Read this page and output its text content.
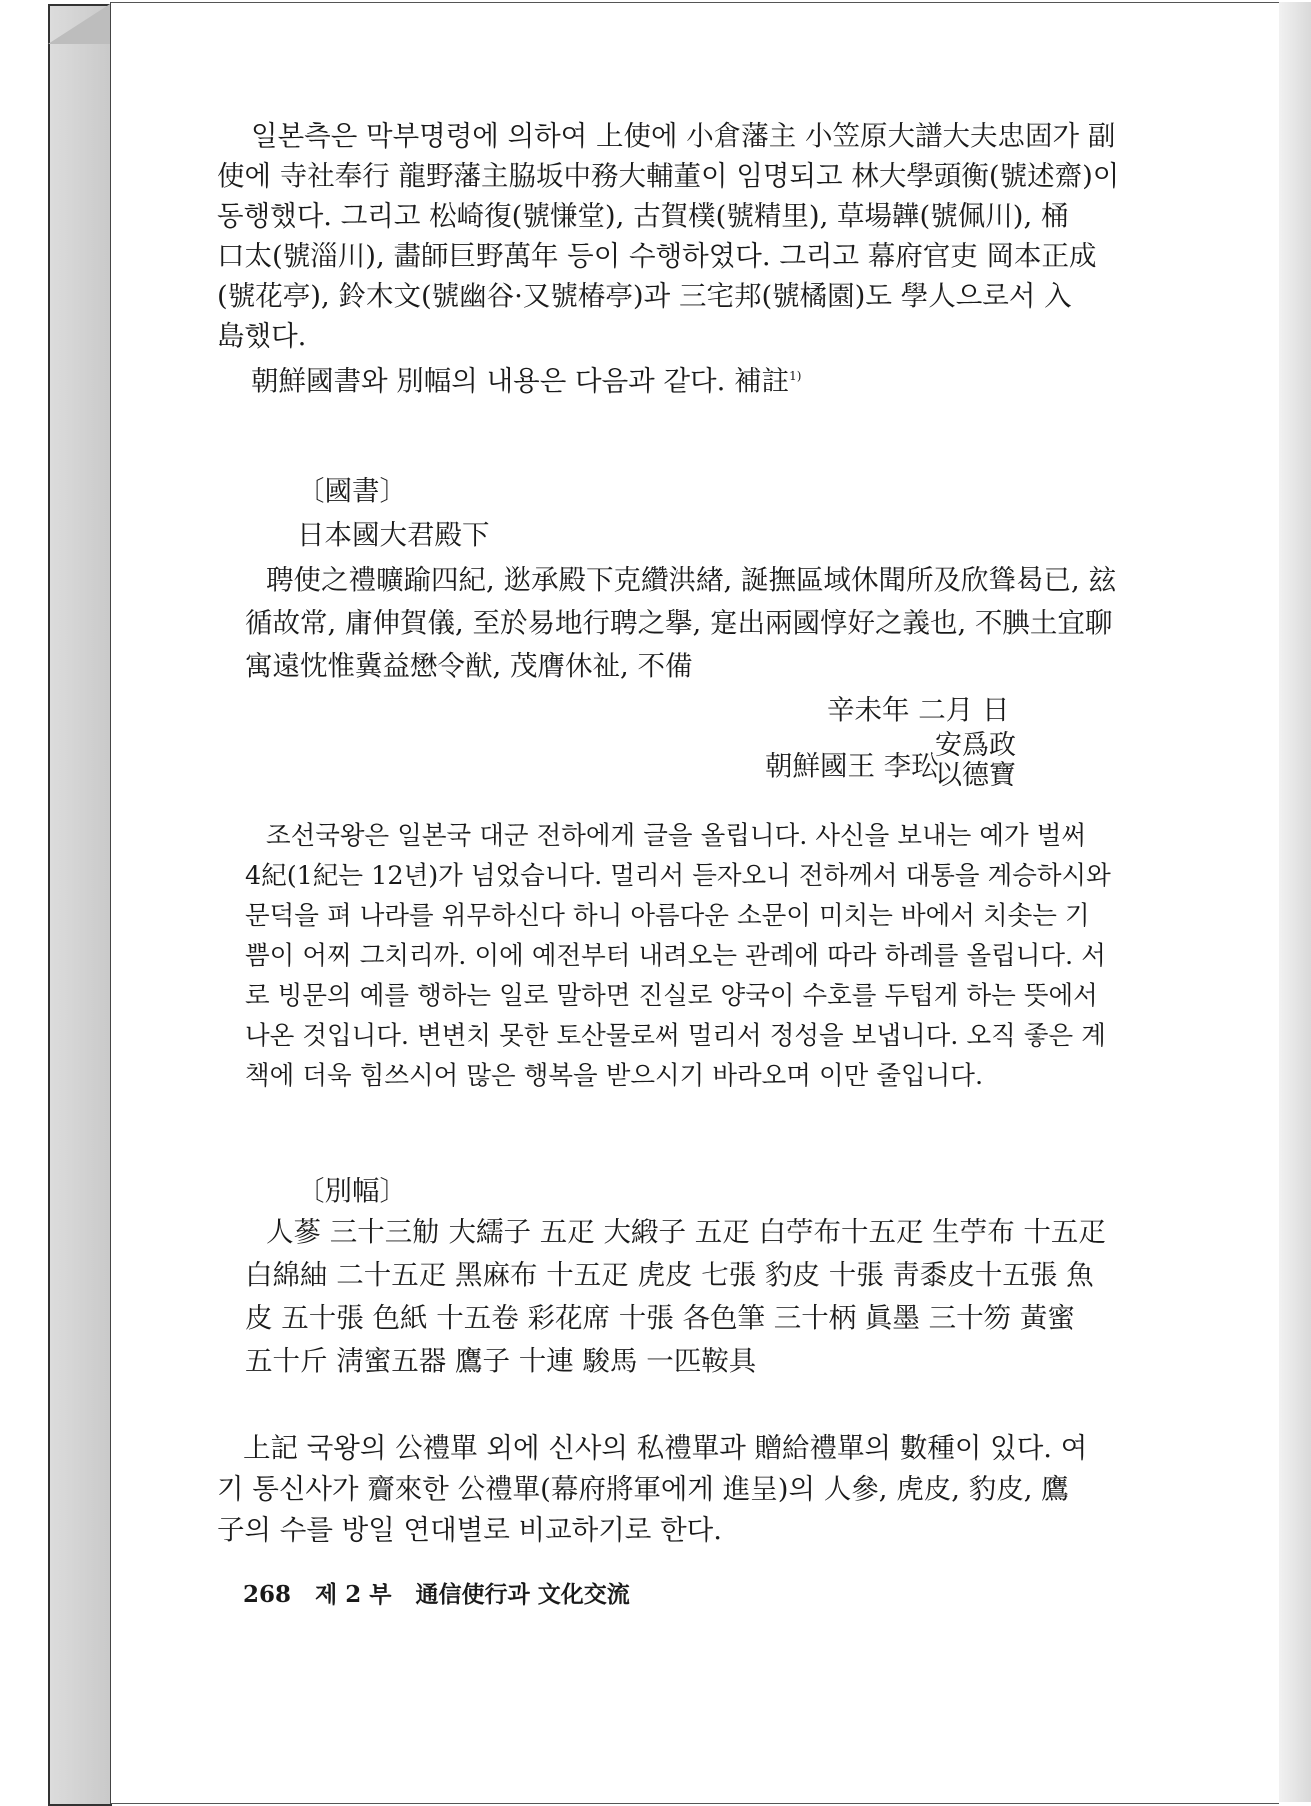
일본측은 막부명령에 의하여 上使에 小倉藩主 小笠原大譜大夫忠固가 副
使에 寺社奉行 龍野藩主脇坂中務大輔董이 임명되고 林大學頭衡(號述齋)이
동행했다. 그리고 松崎復(號慊堂), 古賀樸(號精里), 草場韡(號佩川), 桶
口太(號淄川), 畵師巨野萬年 등이 수행하였다. 그리고 幕府官吏 岡本正成
(號花亭), 鈴木文(號幽谷·又號椿亭)과 三宅邦(號橘園)도 學人으로서 入
島했다.
朝鮮國書와 別幅의 내용은 다음과 같다. 補註$^{1)}$
〔國書〕
日本國大君殿下
聘使之禮曠踰四紀, 逖承殿下克纘洪緖, 誕撫區域休聞所及欣聳曷已, 玆
循故常, 庸伸賀儀, 至於易地行聘之擧, 寔出兩國惇好之義也, 不腆土宜聊
寓遠忱惟冀益懋令猷, 茂膺休祉, 不備
辛未年 二月 日
朝鮮國王 李玜
安爲政
以德寶
조선국왕은 일본국 대군 전하에게 글을 올립니다. 사신을 보내는 예가 벌써
4紀(1紀는 12년)가 넘었습니다. 멀리서 듣자오니 전하께서 대통을 계승하시와
문덕을 펴 나라를 위무하신다 하니 아름다운 소문이 미치는 바에서 치솟는 기
쁨이 어찌 그치리까. 이에 예전부터 내려오는 관례에 따라 하례를 올립니다. 서
로 빙문의 예를 행하는 일로 말하면 진실로 양국이 수호를 두텁게 하는 뜻에서
나온 것입니다. 변변치 못한 토산물로써 멀리서 정성을 보냅니다. 오직 좋은 계
책에 더욱 힘쓰시어 많은 행복을 받으시기 바라오며 이만 줄입니다.
〔別幅〕
人蔘 三十三觔 大繻子 五疋 大緞子 五疋 白苧布十五疋 生苧布 十五疋
白綿紬 二十五疋 黑麻布 十五疋 虎皮 七張 豹皮 十張 靑黍皮十五張 魚
皮 五十張 色紙 十五卷 彩花席 十張 各色筆 三十柄 眞墨 三十笏 黃蜜
五十斤 淸蜜五器 鷹子 十連 駿馬 一匹鞍具
上記 국왕의 公禮單 외에 신사의 私禮單과 贈給禮單의 數種이 있다. 여
기 통신사가 齎來한 公禮單(幕府將軍에게 進呈)의 人參, 虎皮, 豹皮, 鷹
子의 수를 방일 연대별로 비교하기로 한다.
268 제 2 부 通信使行과 文化交流
